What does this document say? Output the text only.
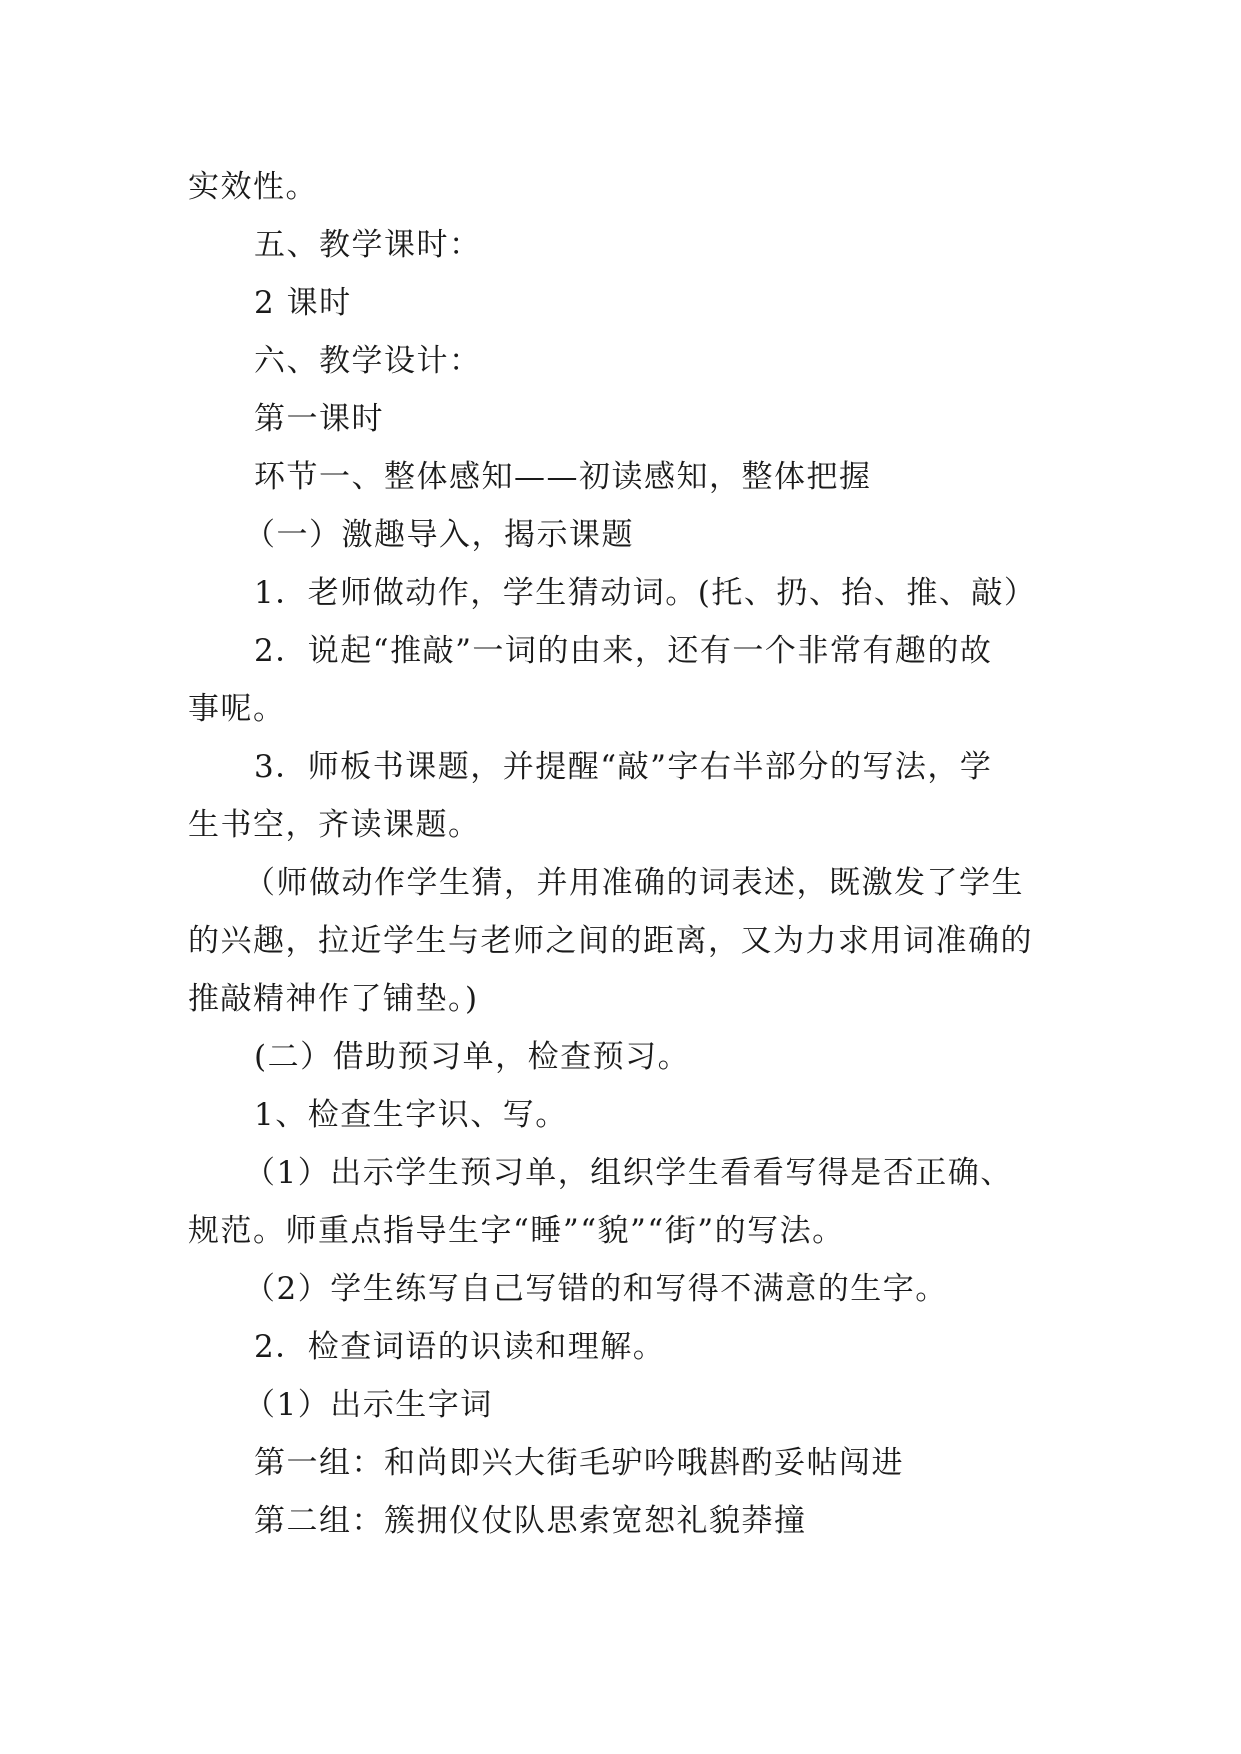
实效性。
五、教学课时：
2 课时
六、教学设计：
第一课时
环节一、整体感知——初读感知，整体把握
（一）激趣导入，揭示课题
1．老师做动作，学生猜动词。(托、扔、抬、推、敲）
2．说起“推敲”一词的由来，还有一个非常有趣的故
事呢。
3．师板书课题，并提醒“敲”字右半部分的写法，学
生书空，齐读课题。
（师做动作学生猜，并用准确的词表述，既激发了学生
的兴趣，拉近学生与老师之间的距离，又为力求用词准确的
推敲精神作了铺垫。)
(二）借助预习单，检查预习。
1、检查生字识、写。
（1）出示学生预习单，组织学生看看写得是否正确、
规范。师重点指导生字“睡”“貌”“街”的写法。
（2）学生练写自己写错的和写得不满意的生字。
2．检查词语的识读和理解。
（1）出示生字词
第一组：和尚即兴大街毛驴吟哦斟酌妥帖闯进
第二组：簇拥仪仗队思索宽恕礼貌莽撞
